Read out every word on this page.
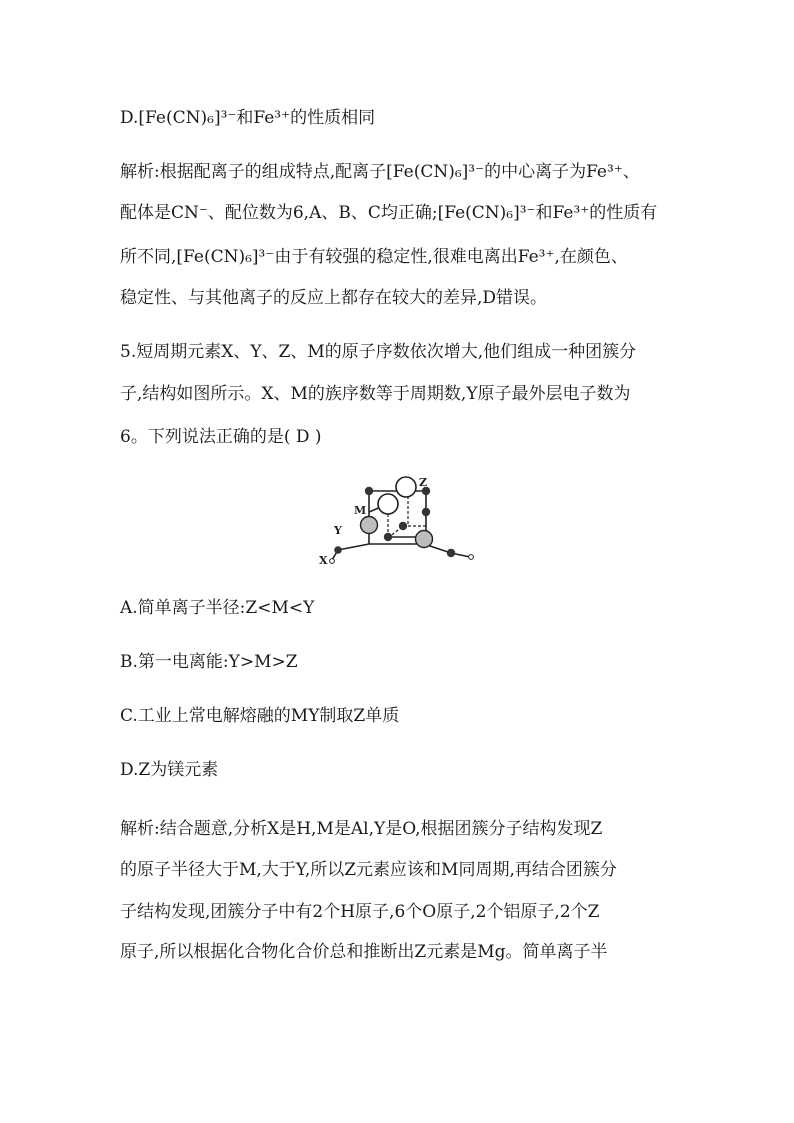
D.[Fe(CN)₆]³⁻和Fe³⁺的性质相同
解析:根据配离子的组成特点,配离子[Fe(CN)₆]³⁻的中心离子为Fe³⁺、
配体是CN⁻、配位数为6,A、B、C均正确;[Fe(CN)₆]³⁻和Fe³⁺的性质有
所不同,[Fe(CN)₆]³⁻由于有较强的稳定性,很难电离出Fe³⁺,在颜色、
稳定性、与其他离子的反应上都存在较大的差异,D错误。
5.短周期元素X、Y、Z、M的原子序数依次增大,他们组成一种团簇分
子,结构如图所示。X、M的族序数等于周期数,Y原子最外层电子数为
6。下列说法正确的是( D )
Z
M
Y
X
A.简单离子半径:Z<M<Y
B.第一电离能:Y>M>Z
C.工业上常电解熔融的MY制取Z单质
D.Z为镁元素
解析:结合题意,分析X是H,M是Al,Y是O,根据团簇分子结构发现Z
的原子半径大于M,大于Y,所以Z元素应该和M同周期,再结合团簇分
子结构发现,团簇分子中有2个H原子,6个O原子,2个铝原子,2个Z
原子,所以根据化合物化合价总和推断出Z元素是Mg。简单离子半
